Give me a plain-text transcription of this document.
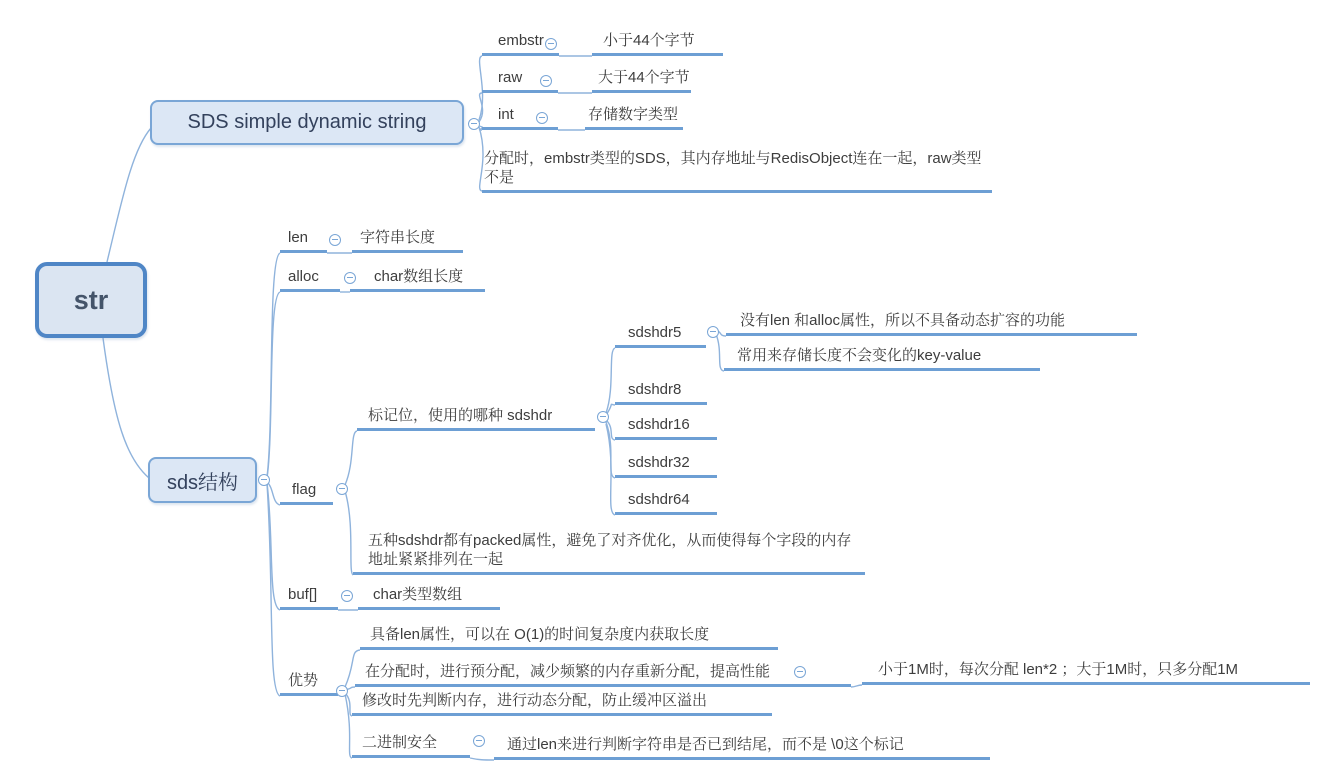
str
SDS simple dynamic string
sds结构
embstr	小于44个字节
raw	大于44个字节
int	存储数字类型
分配时，embstr类型的SDS，其内存地址与RedisObject连在一起，raw类型不是
len	字符串长度
alloc	char数组长度
flag
标记位，使用的哪种 sdshdr
sdshdr5
没有len 和alloc属性，所以不具备动态扩容的功能
常用来存储长度不会变化的key-value
sdshdr8
sdshdr16
sdshdr32
sdshdr64
五种sdshdr都有packed属性，避免了对齐优化，从而使得每个字段的内存地址紧紧排列在一起
buf[]	char类型数组
优势
具备len属性，可以在 O(1)的时间复杂度内获取长度
在分配时，进行预分配，减少频繁的内存重新分配，提高性能	小于1M时，每次分配 len*2 ；大于1M时，只多分配1M
修改时先判断内存，进行动态分配，防止缓冲区溢出
二进制安全	通过len来进行判断字符串是否已到结尾，而不是 \0这个标记
